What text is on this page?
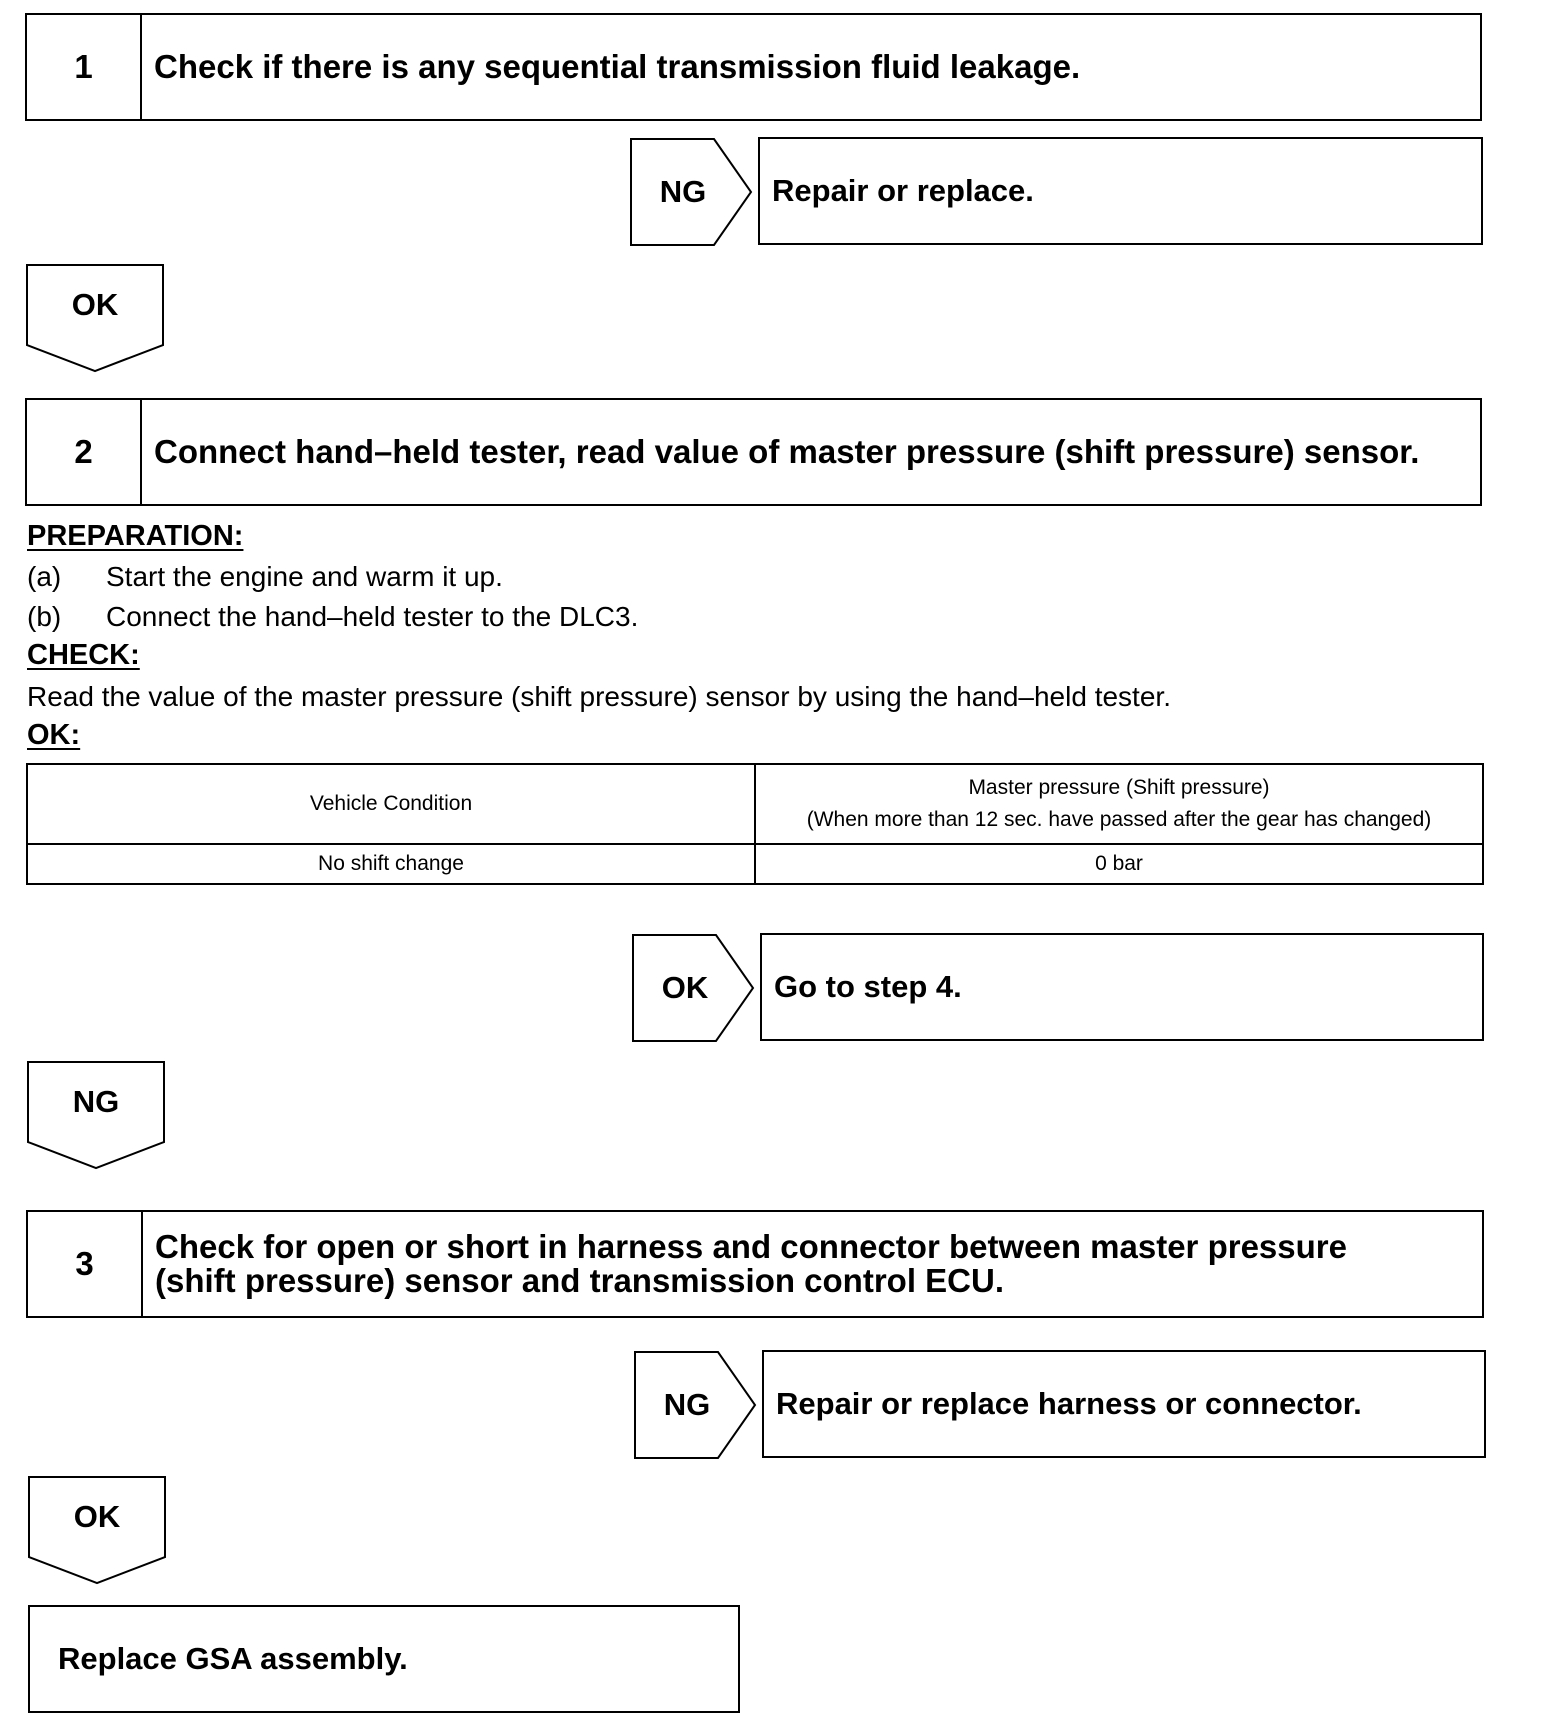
1	Check if there is any sequential transmission fluid leakage.
NG	Repair or replace.
OK
2	Connect hand–held tester, read value of master pressure (shift pressure) sensor.
PREPARATION:
(a) Start the engine and warm it up.
(b) Connect the hand–held tester to the DLC3.
CHECK:
Read the value of the master pressure (shift pressure) sensor by using the hand–held tester.
OK:
Vehicle Condition	Master pressure (Shift pressure)
(When more than 12 sec. have passed after the gear has changed)

No shift change	0 bar
OK	Go to step 4.
NG
3	Check for open or short in harness and connector between master pressure (shift pressure) sensor and transmission control ECU.
NG	Repair or replace harness or connector.
OK
Replace GSA assembly.
